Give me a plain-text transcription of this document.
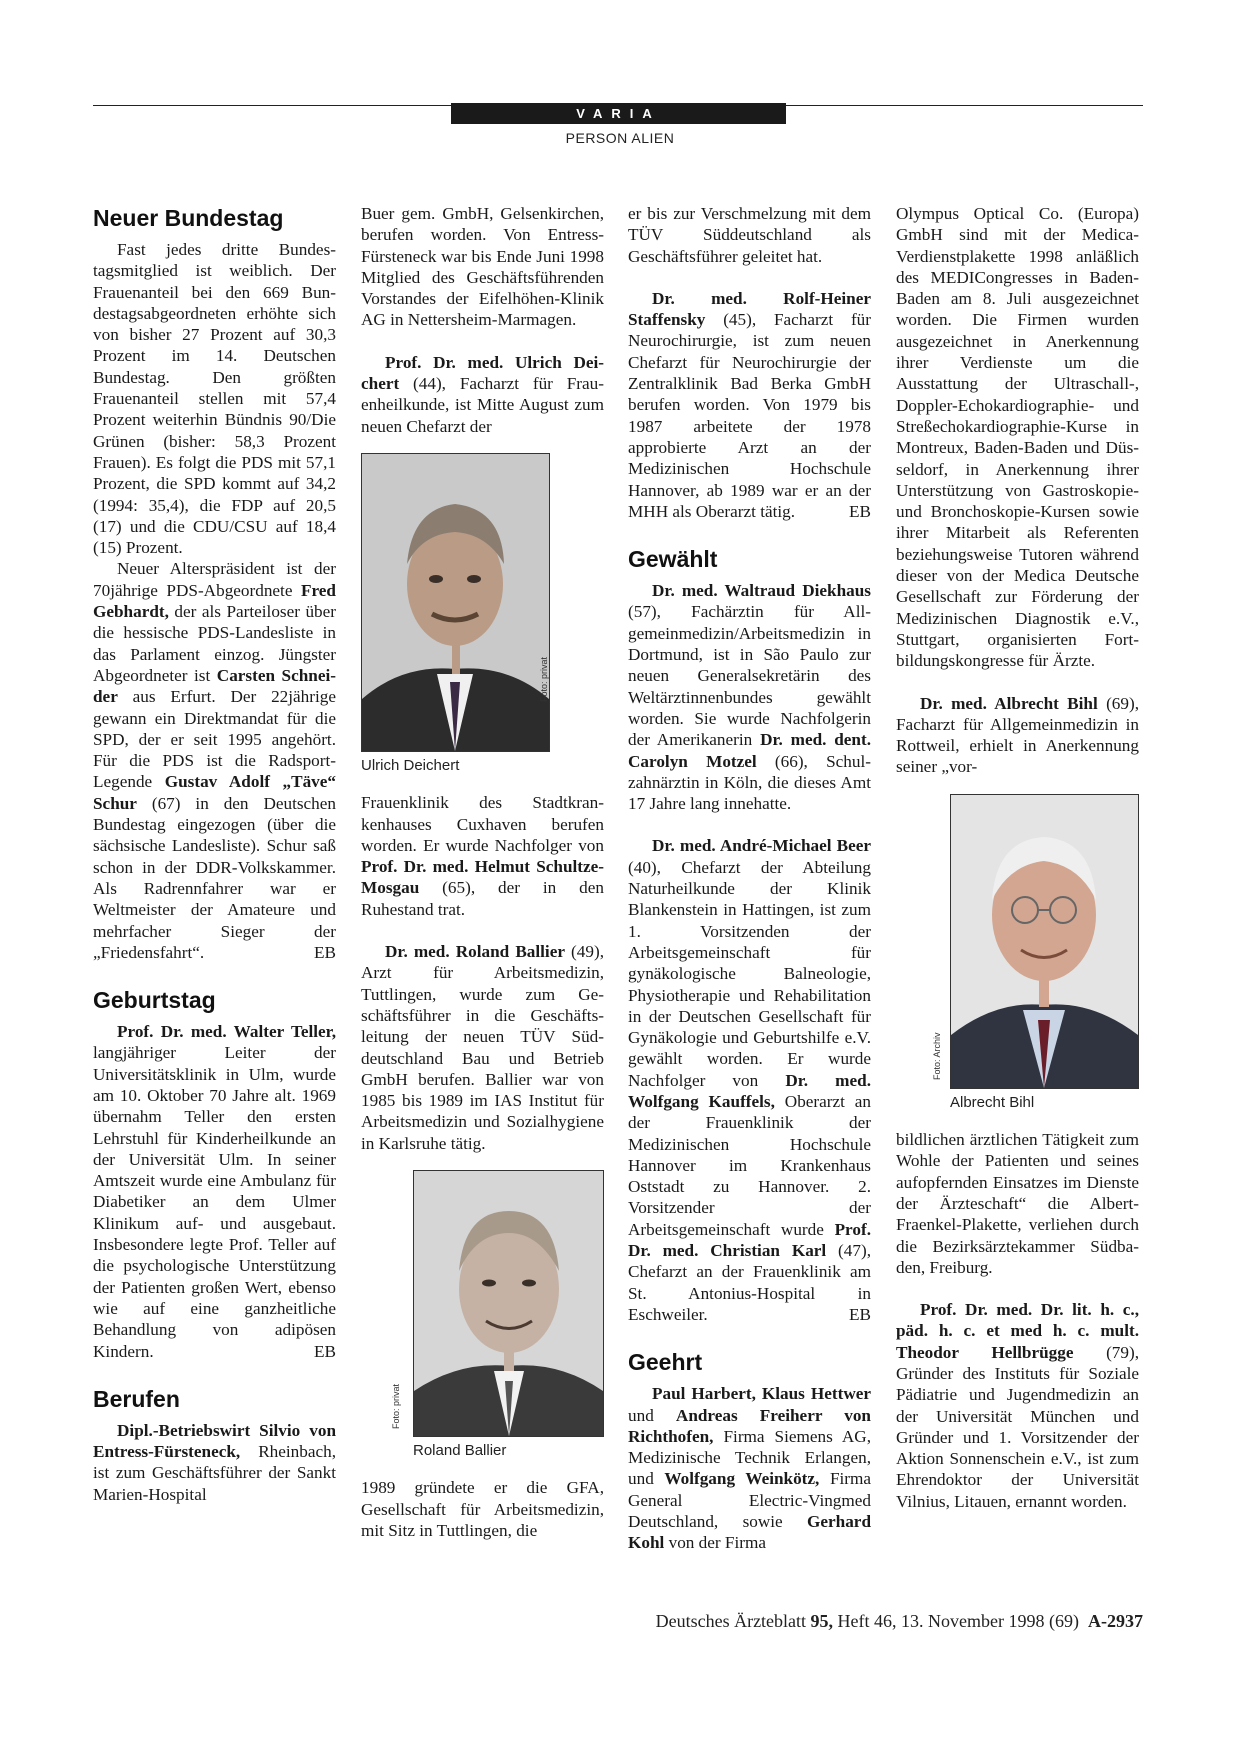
VARIA
PERSON ALIEN
Neuer Bundestag

Fast jedes dritte Bundestagsmitglied ist weiblich. Der Frauenanteil bei den 669 Bundestagsabgeordneten erhöhte sich von bisher 27 Prozent auf 30,3 Prozent im 14. Deutschen Bundestag. Den größten Frauenanteil stellen mit 57,4 Prozent weiterhin Bündnis 90/Die Grünen (bisher: 58,3 Prozent Frauen). Es folgt die PDS mit 57,1 Prozent, die SPD kommt auf 34,2 (1994: 35,4), die FDP auf 20,5 (17) und die CDU/CSU auf 18,4 (15) Prozent.

Neuer Alterspräsident ist der 70jährige PDS-Abgeordnete Fred Gebhardt, der als Parteiloser über die hessische PDS-Landesliste in das Parlament einzog. Jüngster Abgeordneter ist Carsten Schneider aus Erfurt. Der 22jährige gewann ein Direktmandat für die SPD, der er seit 1995 angehört. Für die PDS ist die Radsport-Legende Gustav Adolf „Täve“ Schur (67) in den Deutschen Bundestag eingezogen (über die sächsische Landesliste). Schur saß schon in der DDR-Volkskammer. Als Radrennfahrer war er Weltmeister der Amateure und mehrfacher Sieger der „Friedensfahrt“.	EB

Geburtstag

Prof. Dr. med. Walter Teller, langjähriger Leiter der Universitätsklinik in Ulm, wurde am 10. Oktober 70 Jahre alt. 1969 übernahm Teller den ersten Lehrstuhl für Kinderheilkunde an der Universität Ulm. In seiner Amtszeit wurde eine Ambulanz für Diabetiker an dem Ulmer Klinikum auf- und ausgebaut. Insbesondere legte Prof. Teller auf die psychologische Unterstützung der Patienten großen Wert, ebenso wie auf eine ganzheitliche Behandlung von adipösen Kindern.	EB

Berufen

Dipl.-Betriebswirt Silvio von Entress-Fürsteneck, Rheinbach, ist zum Geschäftsführer der Sankt Marien-Hospital

Buer gem. GmbH, Gelsenkirchen, berufen worden. Von Entress-Fürsteneck war bis Ende Juni 1998 Mitglied des Geschäftsführenden Vorstandes der Eifelhöhen-Klinik AG in Nettersheim-Marmagen.

Prof. Dr. med. Ulrich Deichert (44), Facharzt für Frauenheilkunde, ist Mitte August zum neuen Chefarzt der

Foto: privat
Ulrich Deichert

Frauenklinik des Stadtkrankenhauses Cuxhaven berufen worden. Er wurde Nachfolger von Prof. Dr. med. Helmut Schultze-Mosgau (65), der in den Ruhestand trat.

Dr. med. Roland Ballier (49), Arzt für Arbeitsmedizin, Tuttlingen, wurde zum Geschäftsführer in die Geschäftsleitung der neuen TÜV Süddeutschland Bau und Betrieb GmbH berufen. Ballier war von 1985 bis 1989 im IAS Institut für Arbeitsmedizin und Sozialhygiene in Karlsruhe tätig.

Foto: privat
Roland Ballier

1989 gründete er die GFA, Gesellschaft für Arbeitsmedizin, mit Sitz in Tuttlingen, die

er bis zur Verschmelzung mit dem TÜV Süddeutschland als Geschäftsführer geleitet hat.

Dr. med. Rolf-Heiner Staffensky (45), Facharzt für Neurochirurgie, ist zum neuen Chefarzt für Neurochirurgie der Zentralklinik Bad Berka GmbH berufen worden. Von 1979 bis 1987 arbeitete der 1978 approbierte Arzt an der Medizinischen Hochschule Hannover, ab 1989 war er an der MHH als Oberarzt tätig.	EB

Gewählt

Dr. med. Waltraud Diekhaus (57), Fachärztin für Allgemeinmedizin/Arbeitsmedizin in Dortmund, ist in São Paulo zur neuen Generalsekretärin des Weltärztinnenbundes gewählt worden. Sie wurde Nachfolgerin der Amerikanerin Dr. med. dent. Carolyn Motzel (66), Schulzahnärztin in Köln, die dieses Amt 17 Jahre lang innehatte.

Dr. med. André-Michael Beer (40), Chefarzt der Abteilung Naturheilkunde der Klinik Blankenstein in Hattingen, ist zum 1. Vorsitzenden der Arbeitsgemeinschaft für gynäkologische Balneologie, Physiotherapie und Rehabilitation in der Deutschen Gesellschaft für Gynäkologie und Geburtshilfe e.V. gewählt worden. Er wurde Nachfolger von Dr. med. Wolfgang Kauffels, Oberarzt an der Frauenklinik der Medizinischen Hochschule Hannover im Krankenhaus Oststadt zu Hannover. 2. Vorsitzender der Arbeitsgemeinschaft wurde Prof. Dr. med. Christian Karl (47), Chefarzt an der Frauenklinik am St. Antonius-Hospital in Eschweiler.	EB

Geehrt

Paul Harbert, Klaus Hettwer und Andreas Freiherr von Richthofen, Firma Siemens AG, Medizinische Technik Erlangen, und Wolfgang Weinkötz, Firma General Electric-Vingmed Deutschland, sowie Gerhard Kohl von der Firma

Olympus Optical Co. (Europa) GmbH sind mit der Medica-Verdienstplakette 1998 anläßlich des MEDICongresses in Baden-Baden am 8. Juli ausgezeichnet worden. Die Firmen wurden ausgezeichnet in Anerkennung ihrer Verdienste um die Ausstattung der Ultraschall-, Doppler-Echokardiographie- und Streßechokardiographie-Kurse in Montreux, Baden-Baden und Düsseldorf, in Anerkennung ihrer Unterstützung von Gastroskopie- und Bronchoskopie-Kursen sowie ihrer Mitarbeit als Referenten beziehungsweise Tutoren während dieser von der Medica Deutsche Gesellschaft zur Förderung der Medizinischen Diagnostik e.V., Stuttgart, organisierten Fortbildungskongresse für Ärzte.

Dr. med. Albrecht Bihl (69), Facharzt für Allgemeinmedizin in Rottweil, erhielt in Anerkennung seiner „vor-

Foto: Archiv
Albrecht Bihl

bildlichen ärztlichen Tätigkeit zum Wohle der Patienten und seines aufopfernden Einsatzes im Dienste der Ärzteschaft“ die Albert-Fraenkel-Plakette, verliehen durch die Bezirksärztekammer Südbaden, Freiburg.

Prof. Dr. med. Dr. lit. h. c., päd. h. c. et med h. c. mult. Theodor Hellbrügge (79), Gründer des Instituts für Soziale Pädiatrie und Jugendmedizin an der Universität München und Gründer und 1. Vorsitzender der Aktion Sonnenschein e.V., ist zum Ehrendoktor der Universität Vilnius, Litauen, ernannt worden.

Deutsches Ärzteblatt 95, Heft 46, 13. November 1998 (69)  A-2937
